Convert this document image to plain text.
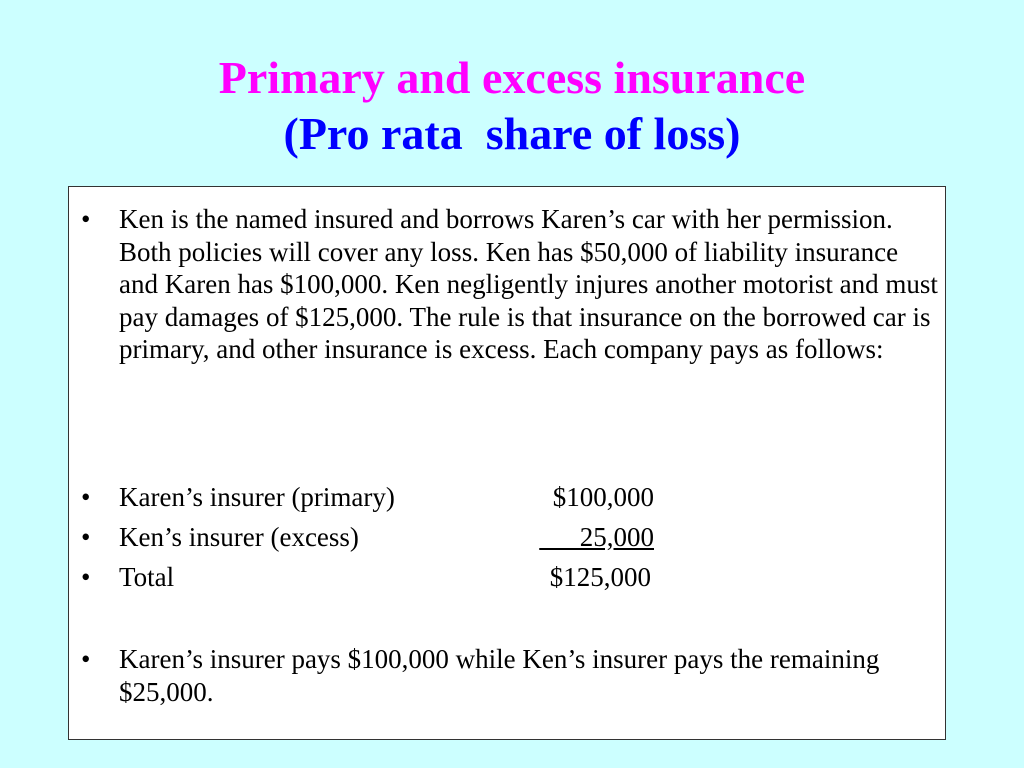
Primary and excess insurance
(Pro rata  share of loss)
•	Ken is the named insured and borrows Karen’s car with her permission. Both policies will cover any loss. Ken has $50,000 of liability insurance and Karen has $100,000. Ken negligently injures another motorist and must pay damages of $125,000. The rule is that insurance on the borrowed car is primary, and other insurance is excess. Each company pays as follows:
•	Karen’s insurer (primary)	$100,000
•	Ken’s insurer (excess)	25,000
•	Total	$125,000
•	Karen’s insurer pays $100,000 while Ken’s insurer pays the remaining $25,000.
